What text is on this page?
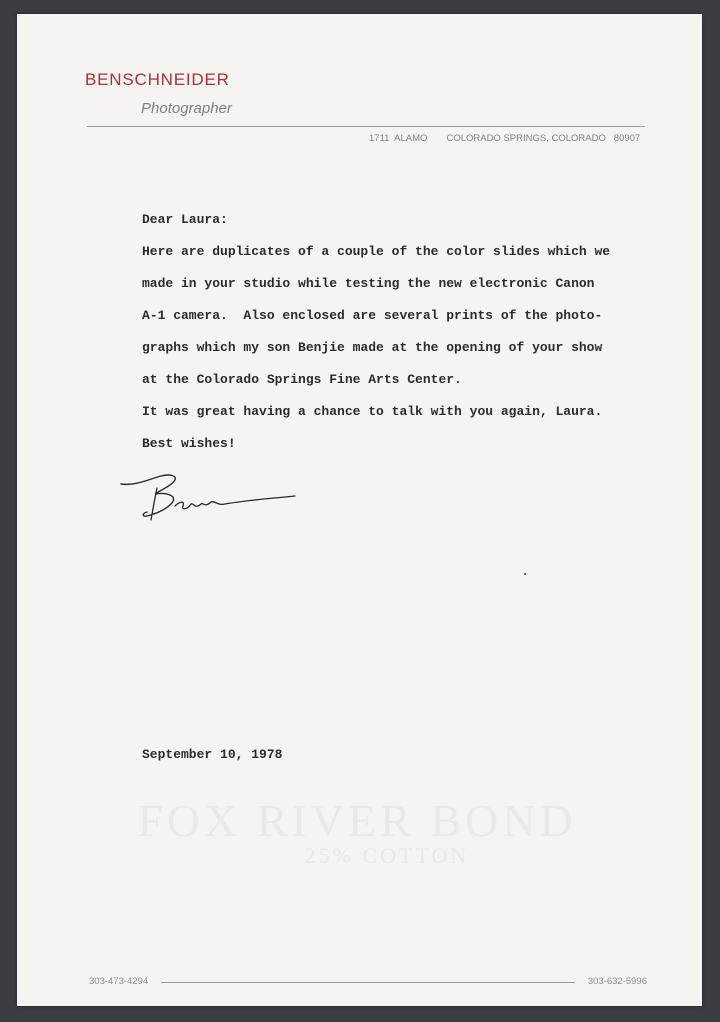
BENSCHNEIDER
Photographer
1711  ALAMO COLORADO SPRINGS, COLORADO   80907
Dear Laura:
Here are duplicates of a couple of the color slides which we
made in your studio while testing the new electronic Canon
A-1 camera.  Also enclosed are several prints of the photo-
graphs which my son Benjie made at the opening of your show
at the Colorado Springs Fine Arts Center.
It was great having a chance to talk with you again, Laura.
Best wishes!
September 10, 1978
FOX RIVER BOND
25% COTTON
303-473-4294	303-632-5996
